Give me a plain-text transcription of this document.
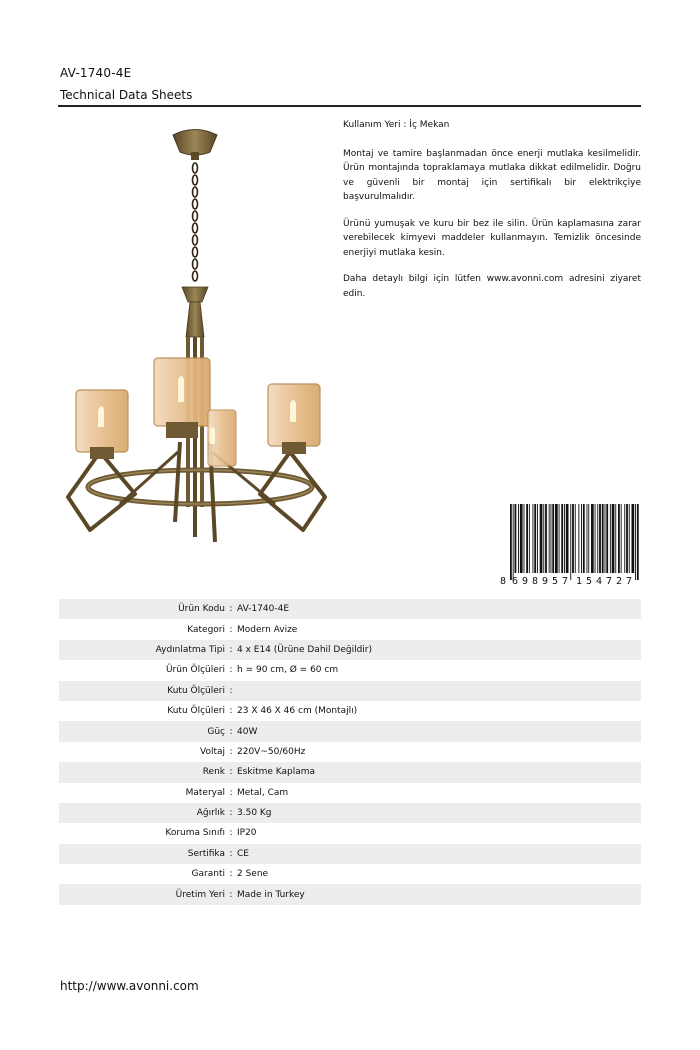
AV-1740-4E
Technical Data Sheets

Kullanım Yeri : İç Mekan

Montaj ve tamire başlanmadan önce enerji mutlaka kesilmelidir. Ürün montajında topraklamaya mutlaka dikkat edilmelidir. Doğru ve güvenli bir montaj için sertifikalı bir elektrikçiye başvurulmalıdır.

Ürünü yumuşak ve kuru bir bez ile silin. Ürün kaplamasına zarar verebilecek kimyevi maddeler kullanmayın. Temizlik öncesinde enerjiyi mutlaka kesin.

Daha detaylı bilgi için lütfen www.avonni.com adresini ziyaret edin.

8 698957 154727
Ürün Kodu	:	AV-1740-4E
Kategori	:	Modern Avize
Aydınlatma Tipi	:	4 x E14 (Ürüne Dahil Değildir)
Ürün Ölçüleri	:	h = 90 cm, Ø = 60 cm
Kutu Ölçüleri	:	
Kutu Ölçüleri	:	23 X 46 X 46 cm (Montajlı)
Güç	:	40W
Voltaj	:	220V~50/60Hz
Renk	:	Eskitme Kaplama
Materyal	:	Metal, Cam
Ağırlık	:	3.50 Kg
Koruma Sınıfı	:	IP20
Sertifika	:	CE
Garanti	:	2 Sene
Üretim Yeri	:	Made in Turkey
http://www.avonni.com
